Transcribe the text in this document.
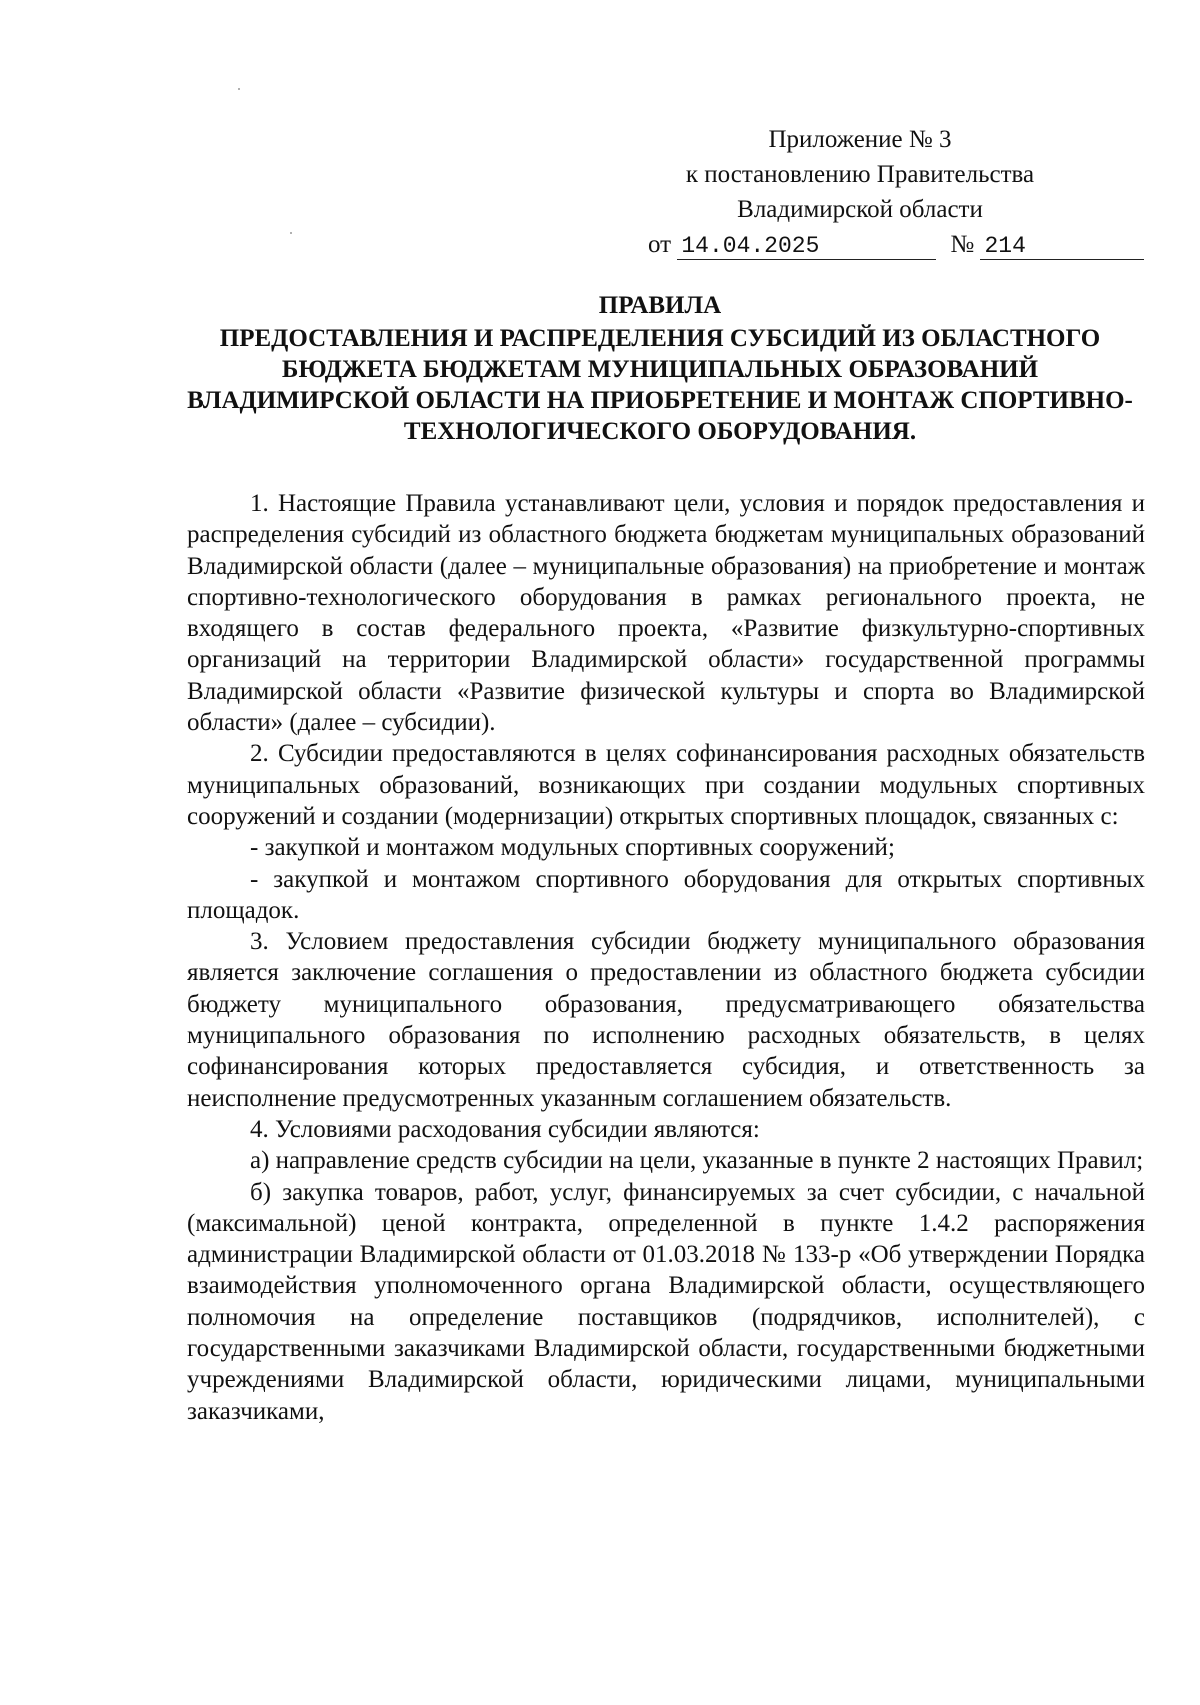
Приложение № 3
к постановлению Правительства
Владимирской области
от 14.04.2025	№ 214
ПРАВИЛА
ПРЕДОСТАВЛЕНИЯ И РАСПРЕДЕЛЕНИЯ СУБСИДИЙ ИЗ ОБЛАСТНОГО БЮДЖЕТА БЮДЖЕТАМ МУНИЦИПАЛЬНЫХ ОБРАЗОВАНИЙ ВЛАДИМИРСКОЙ ОБЛАСТИ НА ПРИОБРЕТЕНИЕ И МОНТАЖ СПОРТИВНО-ТЕХНОЛОГИЧЕСКОГО ОБОРУДОВАНИЯ.

1. Настоящие Правила устанавливают цели, условия и порядок предоставления и распределения субсидий из областного бюджета бюджетам муниципальных образований Владимирской области (далее – муниципальные образования) на приобретение и монтаж спортивно-технологического оборудования в рамках регионального проекта, не входящего в состав федерального проекта, «Развитие физкультурно-спортивных организаций на территории Владимирской области» государственной программы Владимирской области «Развитие физической культуры и спорта во Владимирской области» (далее – субсидии).

2. Субсидии предоставляются в целях софинансирования расходных обязательств муниципальных образований, возникающих при создании модульных спортивных сооружений и создании (модернизации) открытых спортивных площадок, связанных с:

- закупкой и монтажом модульных спортивных сооружений;

- закупкой и монтажом спортивного оборудования для открытых спортивных площадок.

3. Условием предоставления субсидии бюджету муниципального образования является заключение соглашения о предоставлении из областного бюджета субсидии бюджету муниципального образования, предусматривающего обязательства муниципального образования по исполнению расходных обязательств, в целях софинансирования которых предоставляется субсидия, и ответственность за неисполнение предусмотренных указанным соглашением обязательств.

4. Условиями расходования субсидии являются:

а) направление средств субсидии на цели, указанные в пункте 2 настоящих Правил;

б) закупка товаров, работ, услуг, финансируемых за счет субсидии, с начальной (максимальной) ценой контракта, определенной в пункте 1.4.2 распоряжения администрации Владимирской области от 01.03.2018 № 133-р «Об утверждении Порядка взаимодействия уполномоченного органа Владимирской области, осуществляющего полномочия на определение поставщиков (подрядчиков, исполнителей), с государственными заказчиками Владимирской области, государственными бюджетными учреждениями Владимирской области, юридическими лицами, муниципальными заказчиками,
